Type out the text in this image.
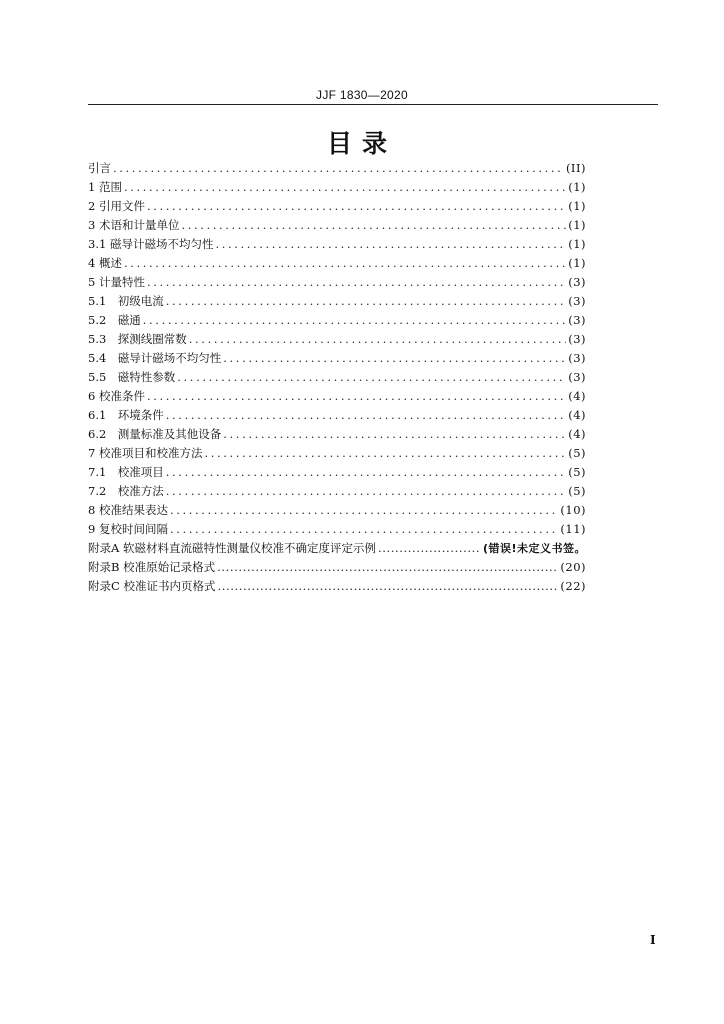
JJF 1830—2020
目录
引言 .....	(II)
1 范围 .....	(1)
2 引用文件 .....	(1)
3 术语和计量单位 .....	(1)
3.1 磁导计磁场不均匀性 .....	(1)
4 概述 .....	(1)
5 计量特性 .....	(3)
5.1　初级电流 .....	(3)
5.2　磁通 .....	(3)
5.3　探测线圈常数 .....	(3)
5.4　磁导计磁场不均匀性 .....	(3)
5.5　磁特性参数 .....	(3)
6 校准条件 .....	(4)
6.1　环境条件 .....	(4)
6.2　测量标准及其他设备 .....	(4)
7 校准项目和校准方法 .....	(5)
7.1　校准项目 .....	(5)
7.2　校准方法 .....	(5)
8 校准结果表达 .....	(10)
9 复校时间间隔 .....	(11)
附录A 软磁材料直流磁特性测量仪校准不确定度评定示例 .....	(错误!未定义书签。
附录B 校准原始记录格式 .....	(20)
附录C 校准证书内页格式 .....	(22)
I
